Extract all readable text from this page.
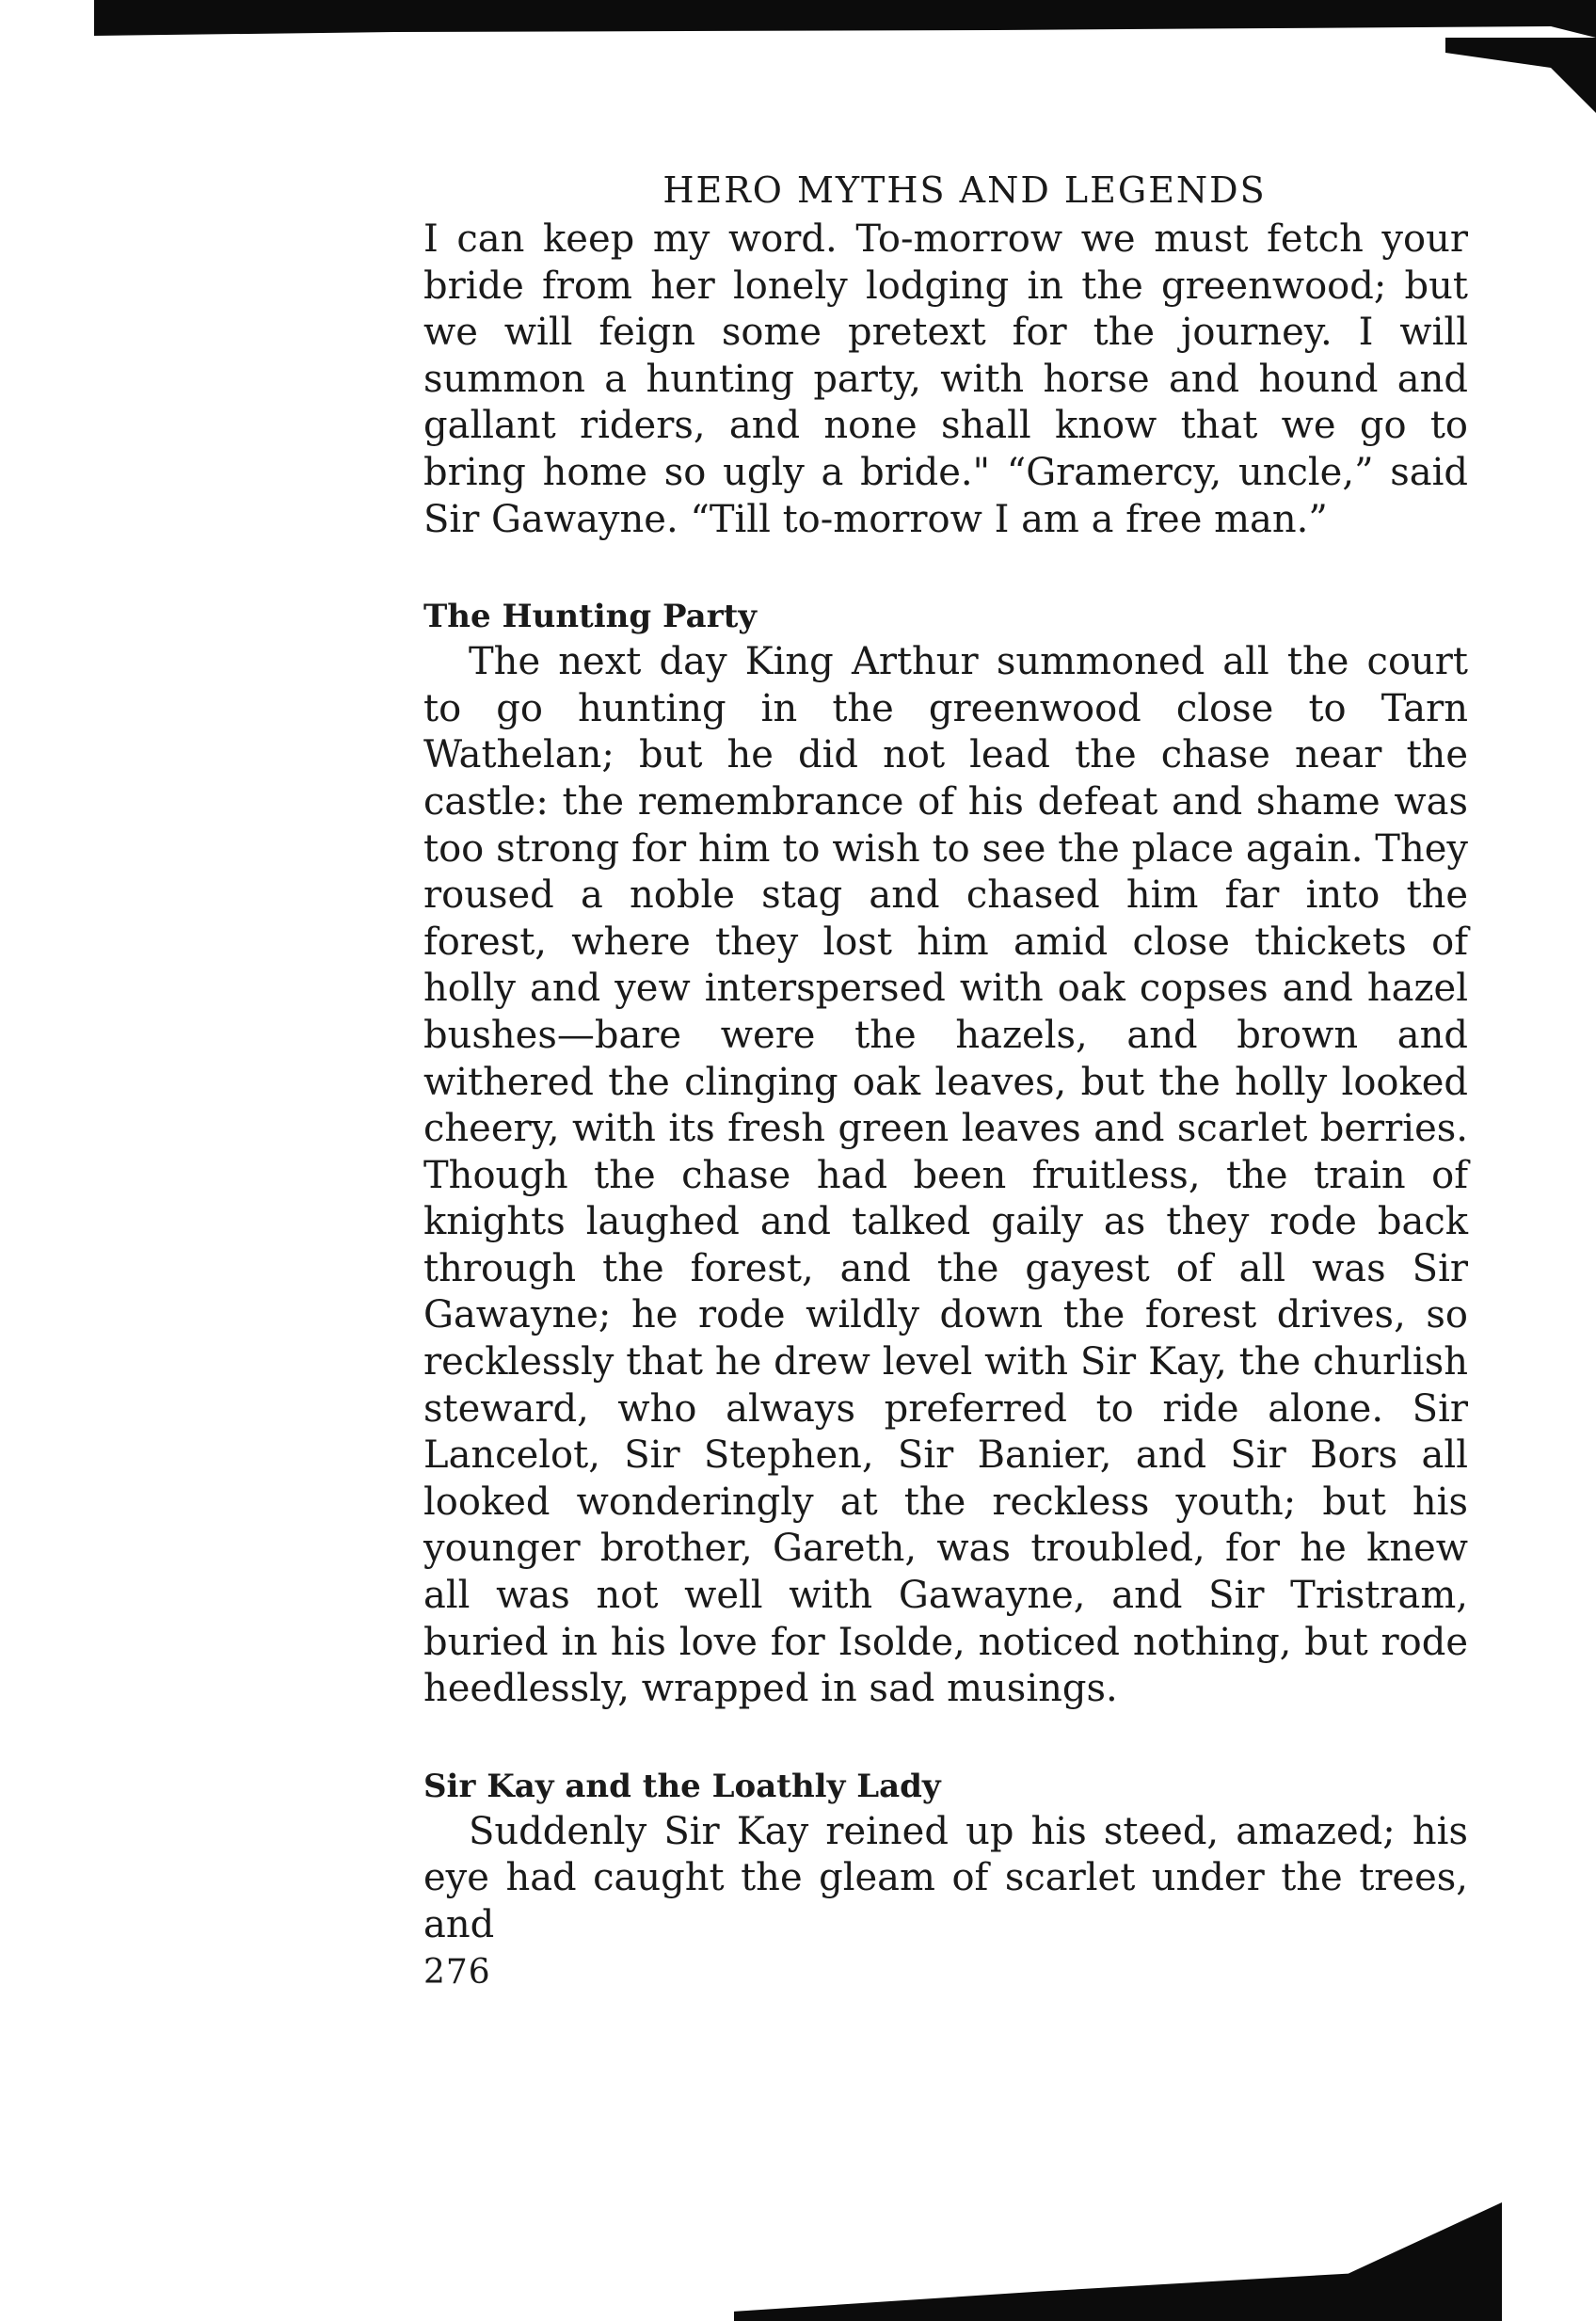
HERO MYTHS AND LEGENDS

I can keep my word. To-morrow we must fetch your bride from her lonely lodging in the greenwood; but we will feign some pretext for the journey. I will summon a hunting party, with horse and hound and gallant riders, and none shall know that we go to bring home so ugly a bride." “Gramercy, uncle,” said Sir Gawayne. “Till to-morrow I am a free man.”

The Hunting Party

The next day King Arthur summoned all the court to go hunting in the greenwood close to Tarn Wathelan; but he did not lead the chase near the castle: the remembrance of his defeat and shame was too strong for him to wish to see the place again. They roused a noble stag and chased him far into the forest, where they lost him amid close thickets of holly and yew interspersed with oak copses and hazel bushes—bare were the hazels, and brown and withered the clinging oak leaves, but the holly looked cheery, with its fresh green leaves and scarlet berries. Though the chase had been fruitless, the train of knights laughed and talked gaily as they rode back through the forest, and the gayest of all was Sir Gawayne; he rode wildly down the forest drives, so recklessly that he drew level with Sir Kay, the churlish steward, who always preferred to ride alone. Sir Lancelot, Sir Stephen, Sir Banier, and Sir Bors all looked wonderingly at the reckless youth; but his younger brother, Gareth, was troubled, for he knew all was not well with Gawayne, and Sir Tristram, buried in his love for Isolde, noticed nothing, but rode heedlessly, wrapped in sad musings.

Sir Kay and the Loathly Lady

Suddenly Sir Kay reined up his steed, amazed; his eye had caught the gleam of scarlet under the trees, and

276
